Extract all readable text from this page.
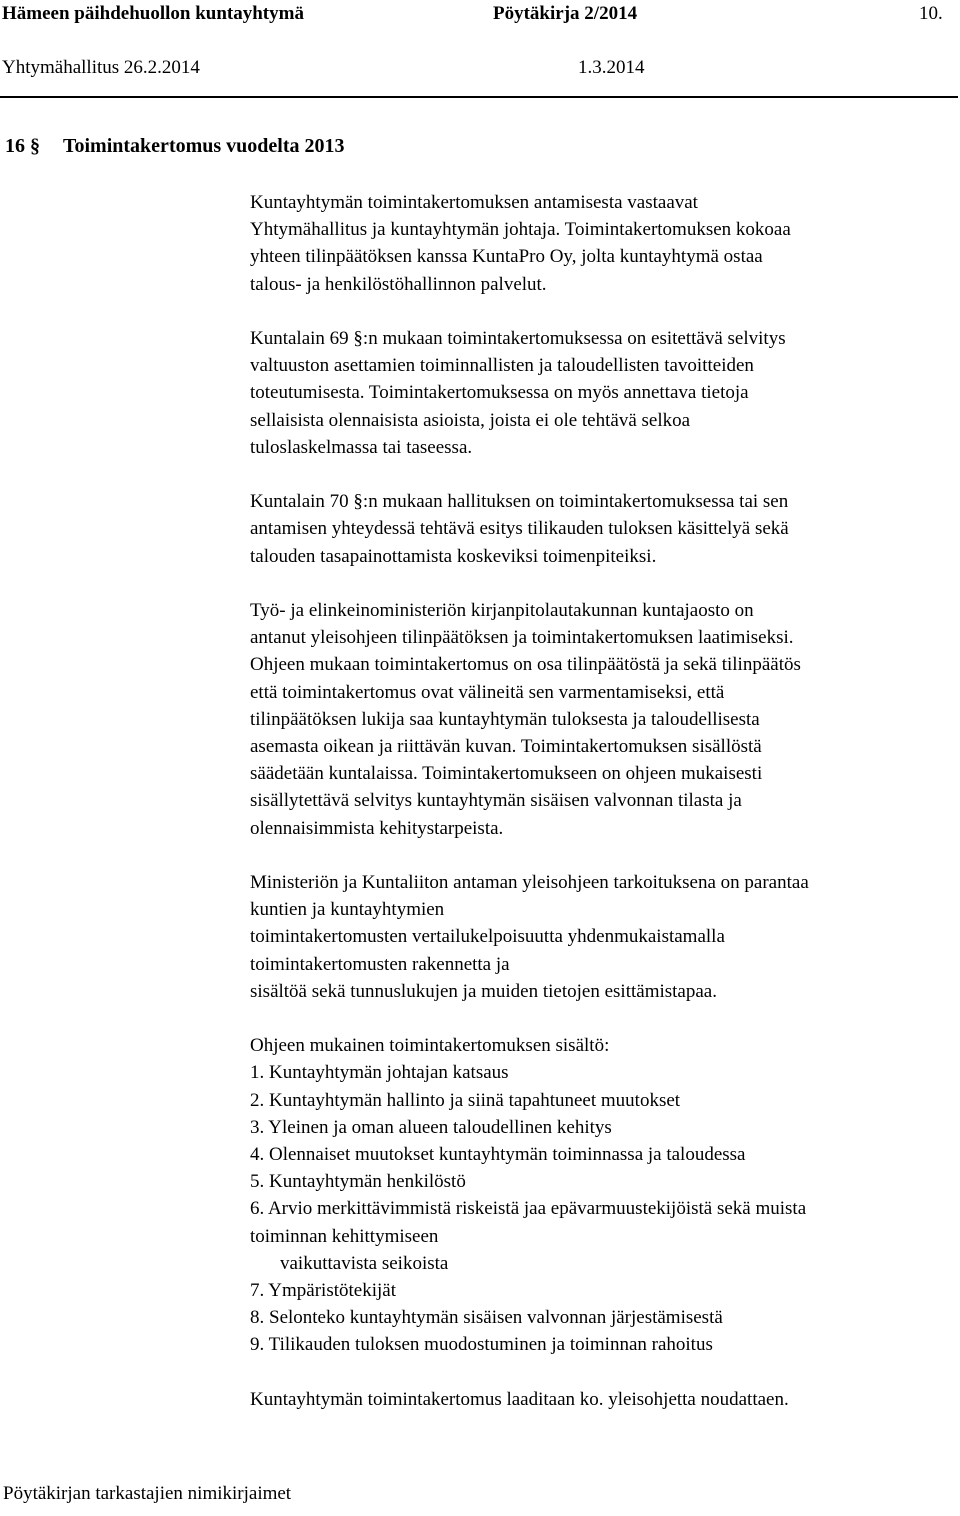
Hämeen päihdehuollon kuntayhtymä	Pöytäkirja 2/2014	10.
Yhtymähallitus 26.2.2014	1.3.2014
16 § Toimintakertomus vuodelta 2013

Kuntayhtymän toimintakertomuksen antamisesta vastaavat
Yhtymähallitus ja kuntayhtymän johtaja. Toimintakertomuksen kokoaa
yhteen tilinpäätöksen kanssa KuntaPro Oy, jolta kuntayhtymä ostaa
talous- ja henkilöstöhallinnon palvelut.

Kuntalain 69 §:n mukaan toimintakertomuksessa on esitettävä selvitys
valtuuston asettamien toiminnallisten ja taloudellisten tavoitteiden
toteutumisesta. Toimintakertomuksessa on myös annettava tietoja
sellaisista olennaisista asioista, joista ei ole tehtävä selkoa
tuloslaskelmassa tai taseessa.

Kuntalain 70 §:n mukaan hallituksen on toimintakertomuksessa tai sen
antamisen yhteydessä tehtävä esitys tilikauden tuloksen käsittelyä sekä
talouden tasapainottamista koskeviksi toimenpiteiksi.

Työ- ja elinkeinoministeriön kirjanpitolautakunnan kuntajaosto on
antanut yleisohjeen tilinpäätöksen ja toimintakertomuksen laatimiseksi.
Ohjeen mukaan toimintakertomus on osa tilinpäätöstä ja sekä tilinpäätös
että toimintakertomus ovat välineitä sen varmentamiseksi, että
tilinpäätöksen lukija saa kuntayhtymän tuloksesta ja taloudellisesta
asemasta oikean ja riittävän kuvan. Toimintakertomuksen sisällöstä
säädetään kuntalaissa. Toimintakertomukseen on ohjeen mukaisesti
sisällytettävä selvitys kuntayhtymän sisäisen valvonnan tilasta ja
olennaisimmista kehitystarpeista.

Ministeriön ja Kuntaliiton antaman yleisohjeen tarkoituksena on parantaa
kuntien ja kuntayhtymien
toimintakertomusten vertailukelpoisuutta yhdenmukaistamalla
toimintakertomusten rakennetta ja
sisältöä sekä tunnuslukujen ja muiden tietojen esittämistapaa.

Ohjeen mukainen toimintakertomuksen sisältö:
1. Kuntayhtymän johtajan katsaus
2. Kuntayhtymän hallinto ja siinä tapahtuneet muutokset
3. Yleinen ja oman alueen taloudellinen kehitys
4. Olennaiset muutokset kuntayhtymän toiminnassa ja taloudessa
5. Kuntayhtymän henkilöstö
6. Arvio merkittävimmistä riskeistä jaa epävarmuustekijöistä sekä muista
toiminnan kehittymiseen
vaikuttavista seikoista
7. Ympäristötekijät
8. Selonteko kuntayhtymän sisäisen valvonnan järjestämisestä
9. Tilikauden tuloksen muodostuminen ja toiminnan rahoitus

Kuntayhtymän toimintakertomus laaditaan ko. yleisohjetta noudattaen.

Pöytäkirjan tarkastajien nimikirjaimet
